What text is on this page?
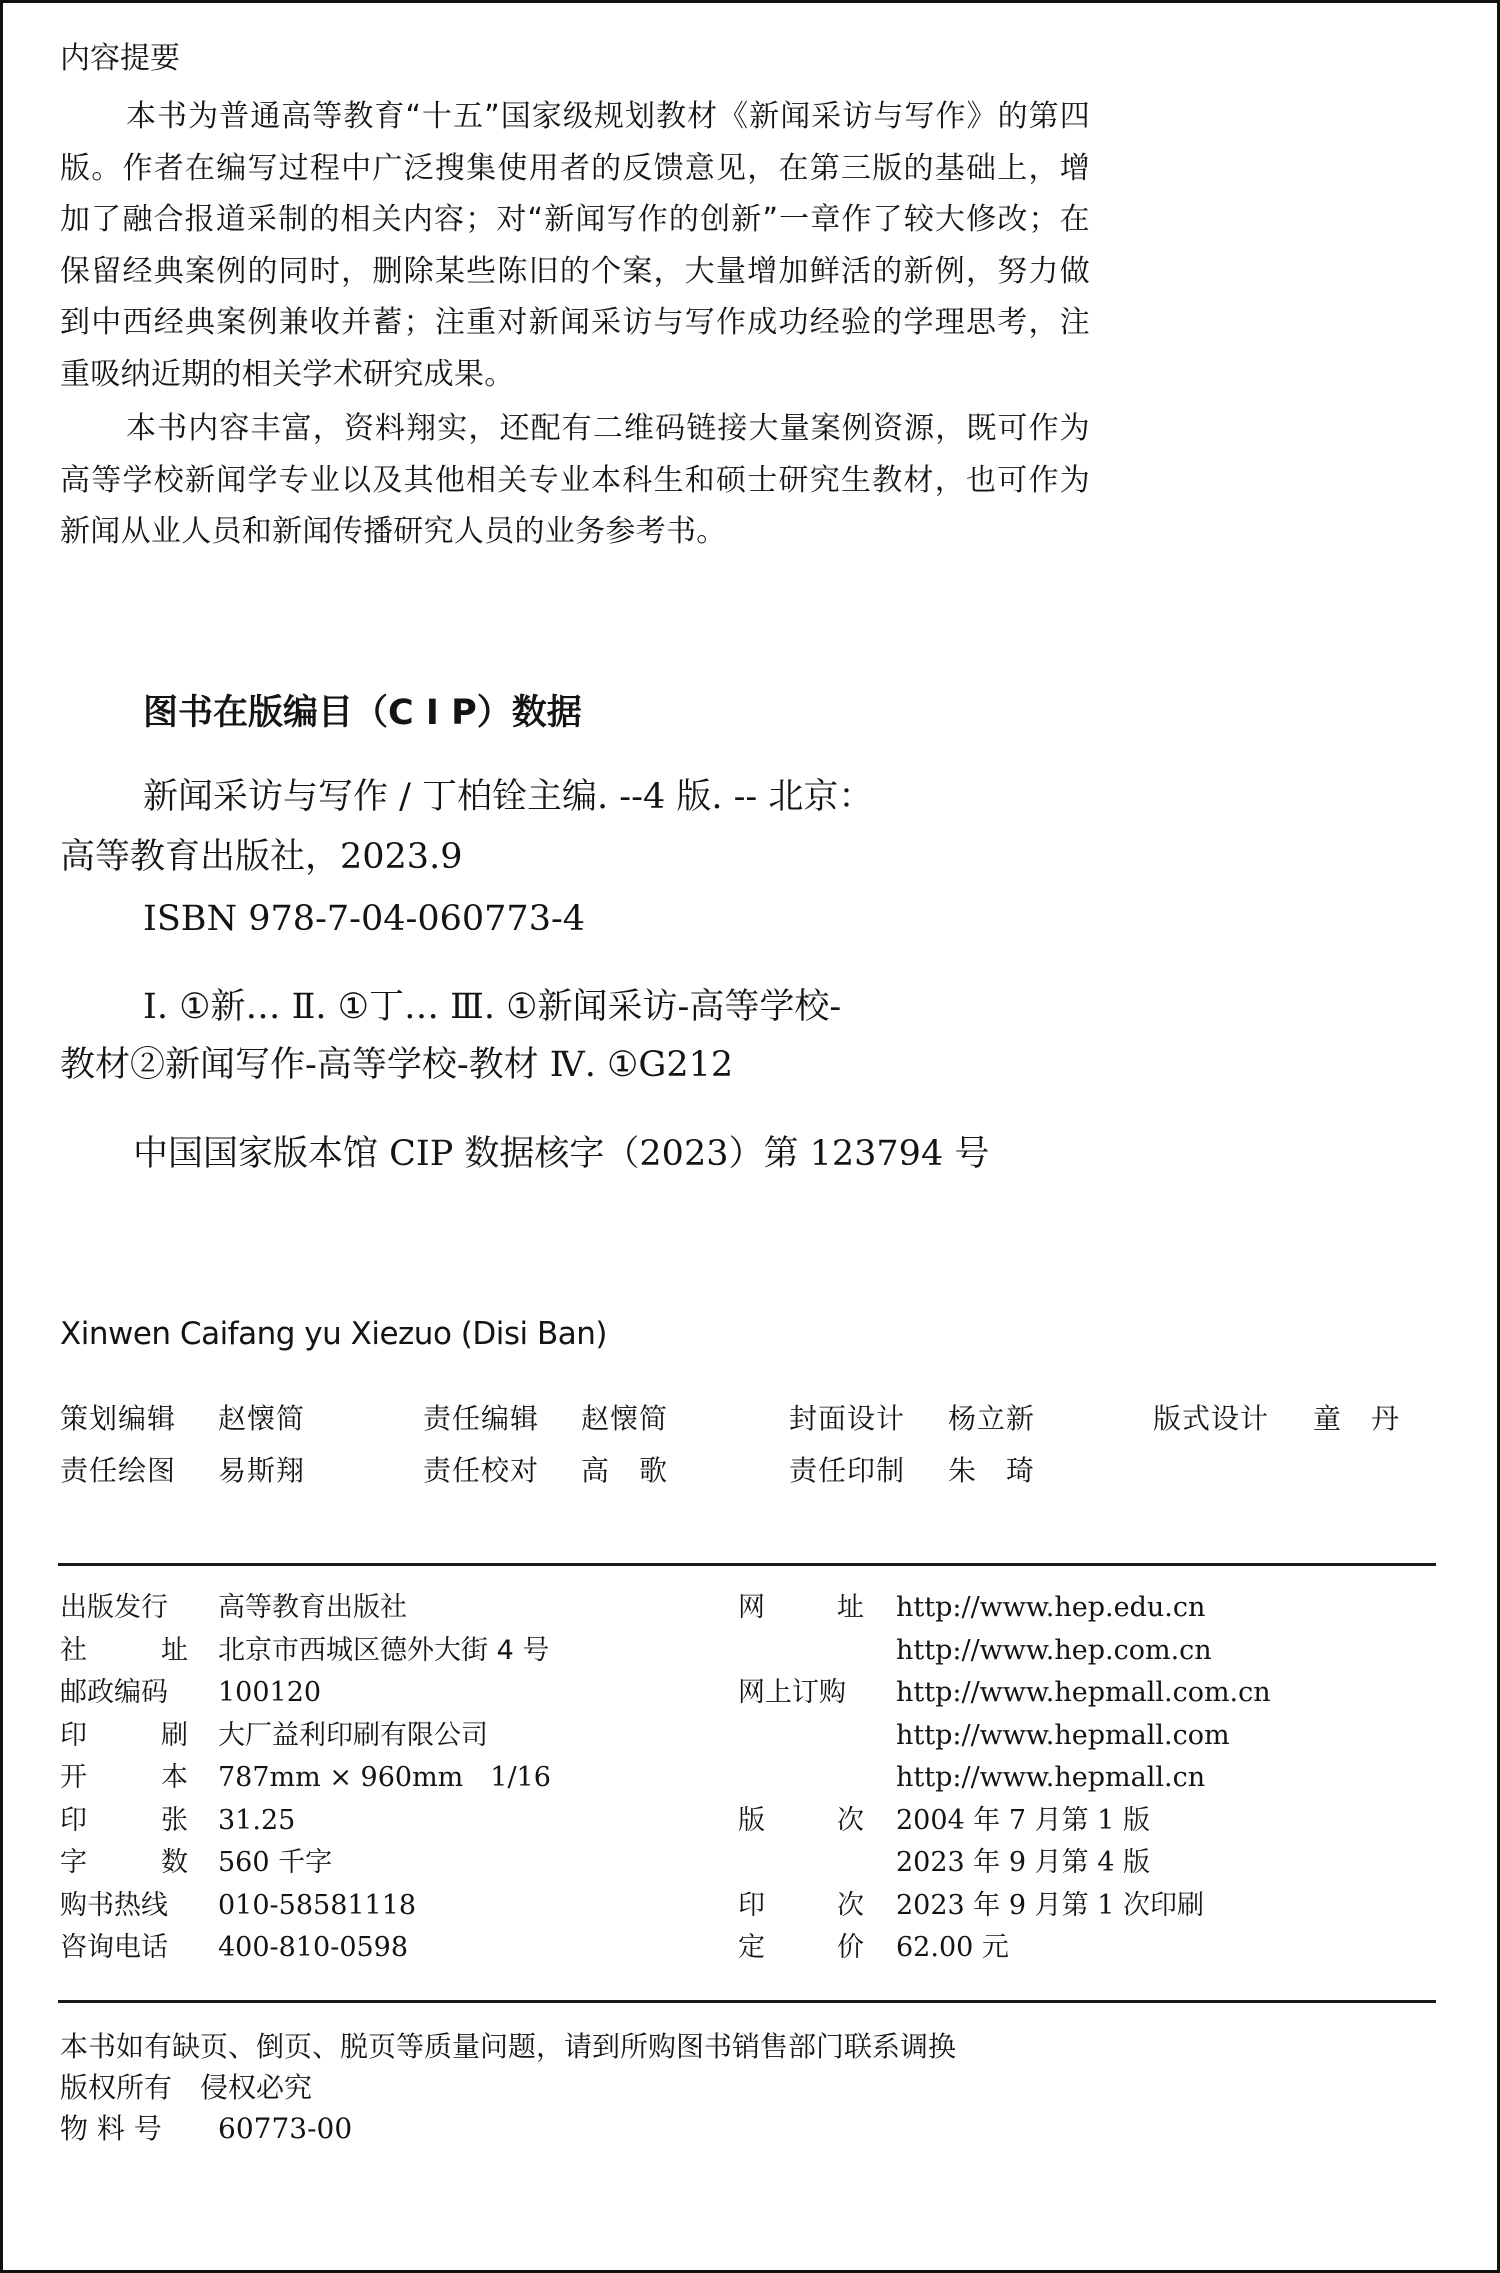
内容提要
本书为普通高等教育“十五”国家级规划教材《新闻采访与写作》的第四版。作者在编写过程中广泛搜集使用者的反馈意见，在第三版的基础上，增加了融合报道采制的相关内容；对“新闻写作的创新”一章作了较大修改；在保留经典案例的同时，删除某些陈旧的个案，大量增加鲜活的新例，努力做到中西经典案例兼收并蓄；注重对新闻采访与写作成功经验的学理思考，注重吸纳近期的相关学术研究成果。
本书内容丰富，资料翔实，还配有二维码链接大量案例资源，既可作为高等学校新闻学专业以及其他相关专业本科生和硕士研究生教材，也可作为新闻从业人员和新闻传播研究人员的业务参考书。
图书在版编目（C I P）数据
新闻采访与写作 / 丁柏铨主编. --4 版. -- 北京：
高等教育出版社，2023.9
ISBN 978-7-04-060773-4
Ⅰ. ①新… Ⅱ. ①丁… Ⅲ. ①新闻采访-高等学校-
教材②新闻写作-高等学校-教材 Ⅳ. ①G212
中国国家版本馆 CIP 数据核字（2023）第 123794 号
Xinwen Caifang yu Xiezuo (Disi Ban)
策划编辑 赵懐简	责任编辑 赵懐简	封面设计 杨立新	版式设计 童　丹
责任绘图 易斯翔	责任校对 高　歌	责任印制 朱　琦
出版发行 高等教育出版社
社	址 北京市西城区德外大街 4 号
邮政编码 100120
印	刷 大厂益利印刷有限公司
开	本 787mm × 960mm　1/16
印	张 31.25
字	数 560 千字
购书热线 010-58581118
咨询电话 400-810-0598
网	址 http://www.hep.edu.cn
http://www.hep.com.cn
网上订购 http://www.hepmall.com.cn
http://www.hepmall.com
http://www.hepmall.cn
版	次 2004 年 7 月第 1 版
2023 年 9 月第 4 版
印	次 2023 年 9 月第 1 次印刷
定	价 62.00 元
本书如有缺页、倒页、脱页等质量问题，请到所购图书销售部门联系调换
版权所有　侵权必究
物 料 号 60773-00
